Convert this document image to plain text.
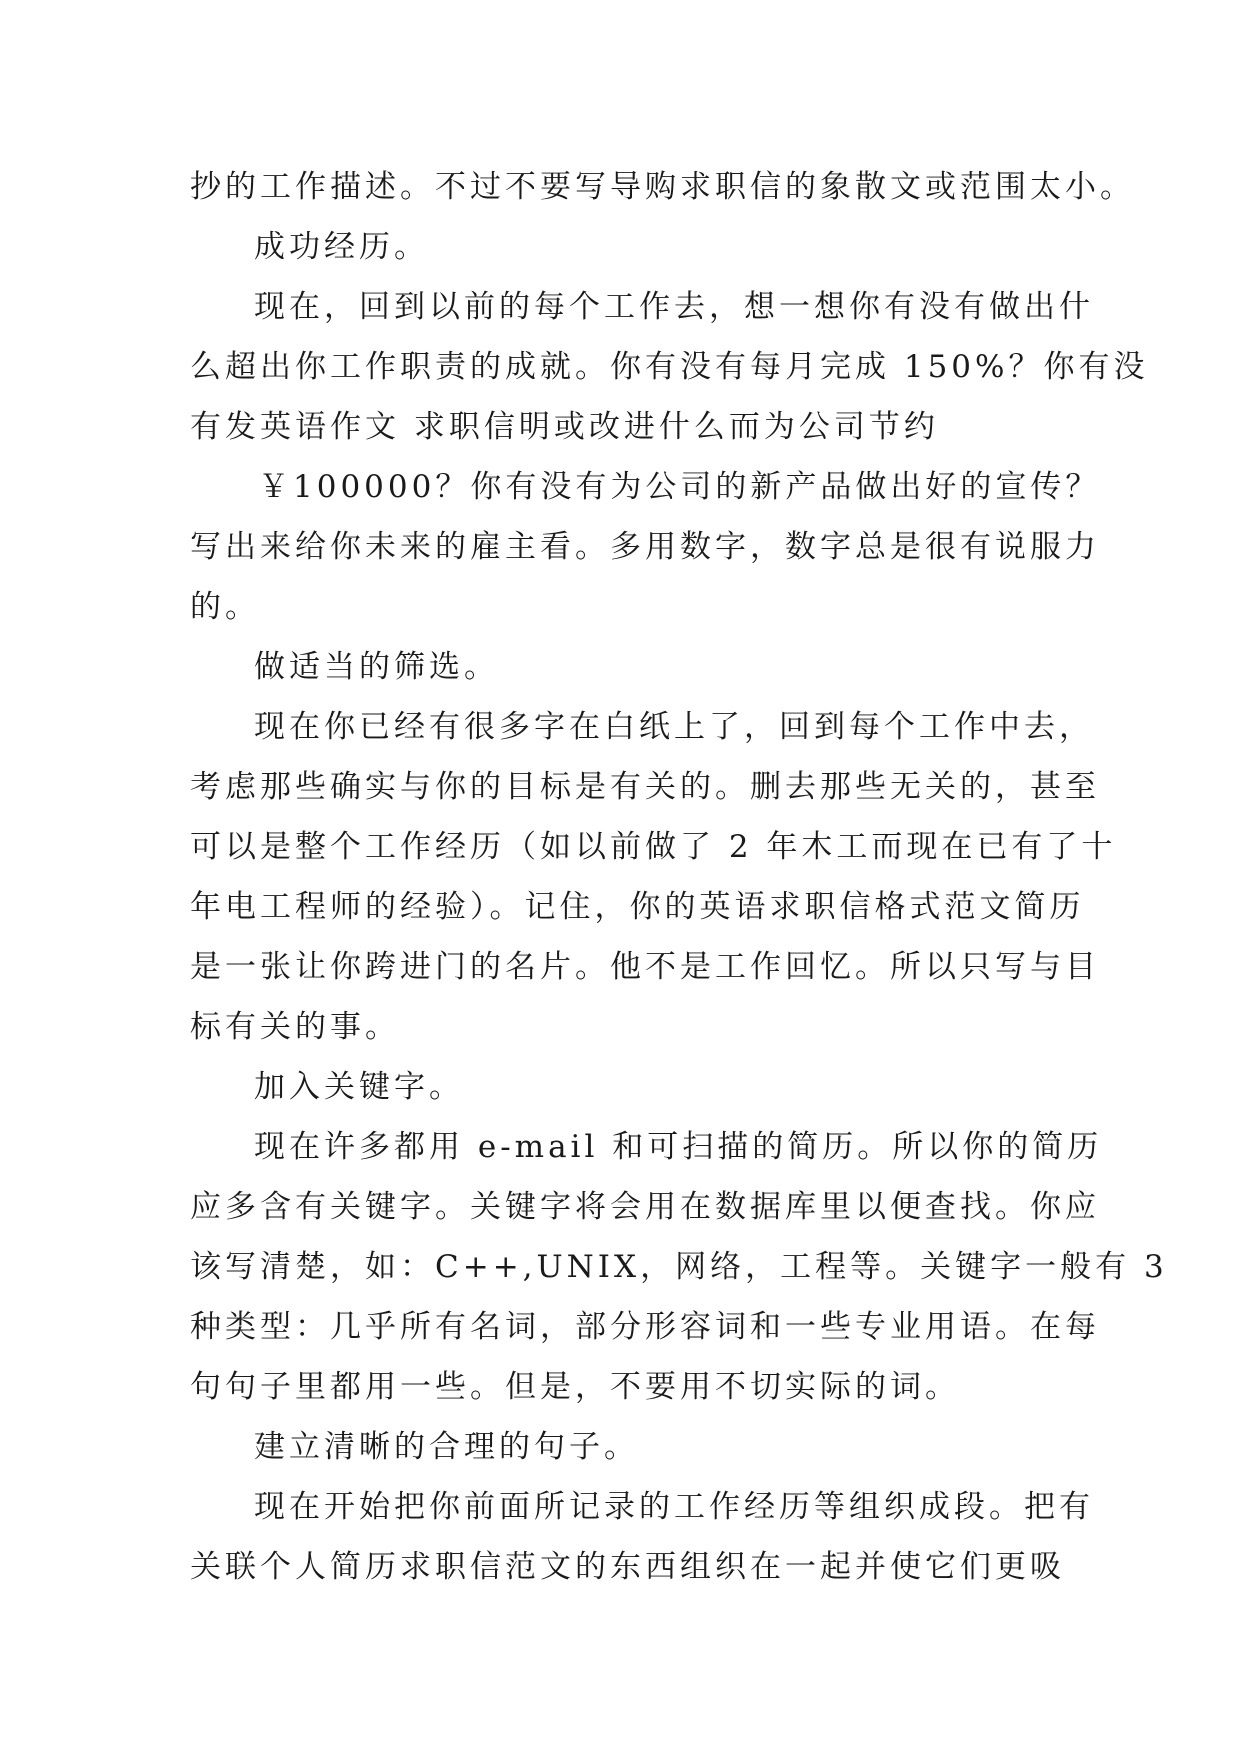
抄的工作描述。不过不要写导购求职信的象散文或范围太小。
成功经历。
现在，回到以前的每个工作去，想一想你有没有做出什
么超出你工作职责的成就。你有没有每月完成 150%？你有没
有发英语作文 求职信明或改进什么而为公司节约
￥100000？你有没有为公司的新产品做出好的宣传？
写出来给你未来的雇主看。多用数字，数字总是很有说服力
的。
做适当的筛选。
现在你已经有很多字在白纸上了，回到每个工作中去，
考虑那些确实与你的目标是有关的。删去那些无关的，甚至
可以是整个工作经历（如以前做了 2 年木工而现在已有了十
年电工程师的经验）。记住，你的英语求职信格式范文简历
是一张让你跨进门的名片。他不是工作回忆。所以只写与目
标有关的事。
加入关键字。
现在许多都用 e-mail 和可扫描的简历。所以你的简历
应多含有关键字。关键字将会用在数据库里以便查找。你应
该写清楚，如：C++,UNIX，网络，工程等。关键字一般有 3
种类型：几乎所有名词，部分形容词和一些专业用语。在每
句句子里都用一些。但是，不要用不切实际的词。
建立清晰的合理的句子。
现在开始把你前面所记录的工作经历等组织成段。把有
关联个人简历求职信范文的东西组织在一起并使它们更吸
